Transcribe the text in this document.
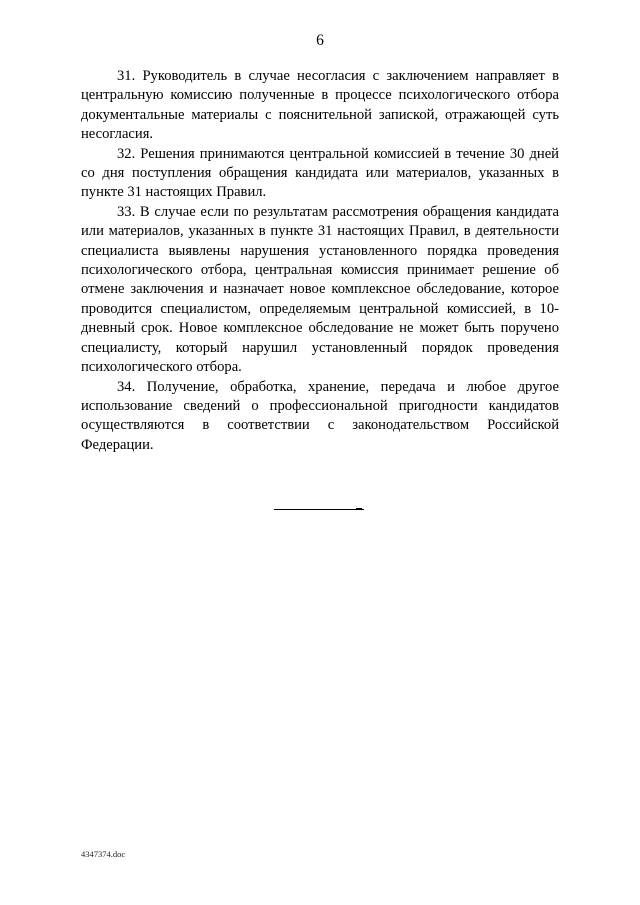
6

31. Руководитель в случае несогласия с заключением направляет в центральную комиссию полученные в процессе психологического отбора документальные материалы с пояснительной запиской, отражающей суть несогласия.

32. Решения принимаются центральной комиссией в течение 30 дней со дня поступления обращения кандидата или материалов, указанных в пункте 31 настоящих Правил.

33. В случае если по результатам рассмотрения обращения кандидата или материалов, указанных в пункте 31 настоящих Правил, в деятельности специалиста выявлены нарушения установленного порядка проведения психологического отбора, центральная комиссия принимает решение об отмене заключения и назначает новое комплексное обследование, которое проводится специалистом, определяемым центральной комиссией, в 10-дневный срок. Новое комплексное обследование не может быть поручено специалисту, который нарушил установленный порядок проведения психологического отбора.

34. Получение, обработка, хранение, передача и любое другое использование сведений о профессиональной пригодности кандидатов осуществляются в соответствии с законодательством Российской Федерации.

4347374.doc
